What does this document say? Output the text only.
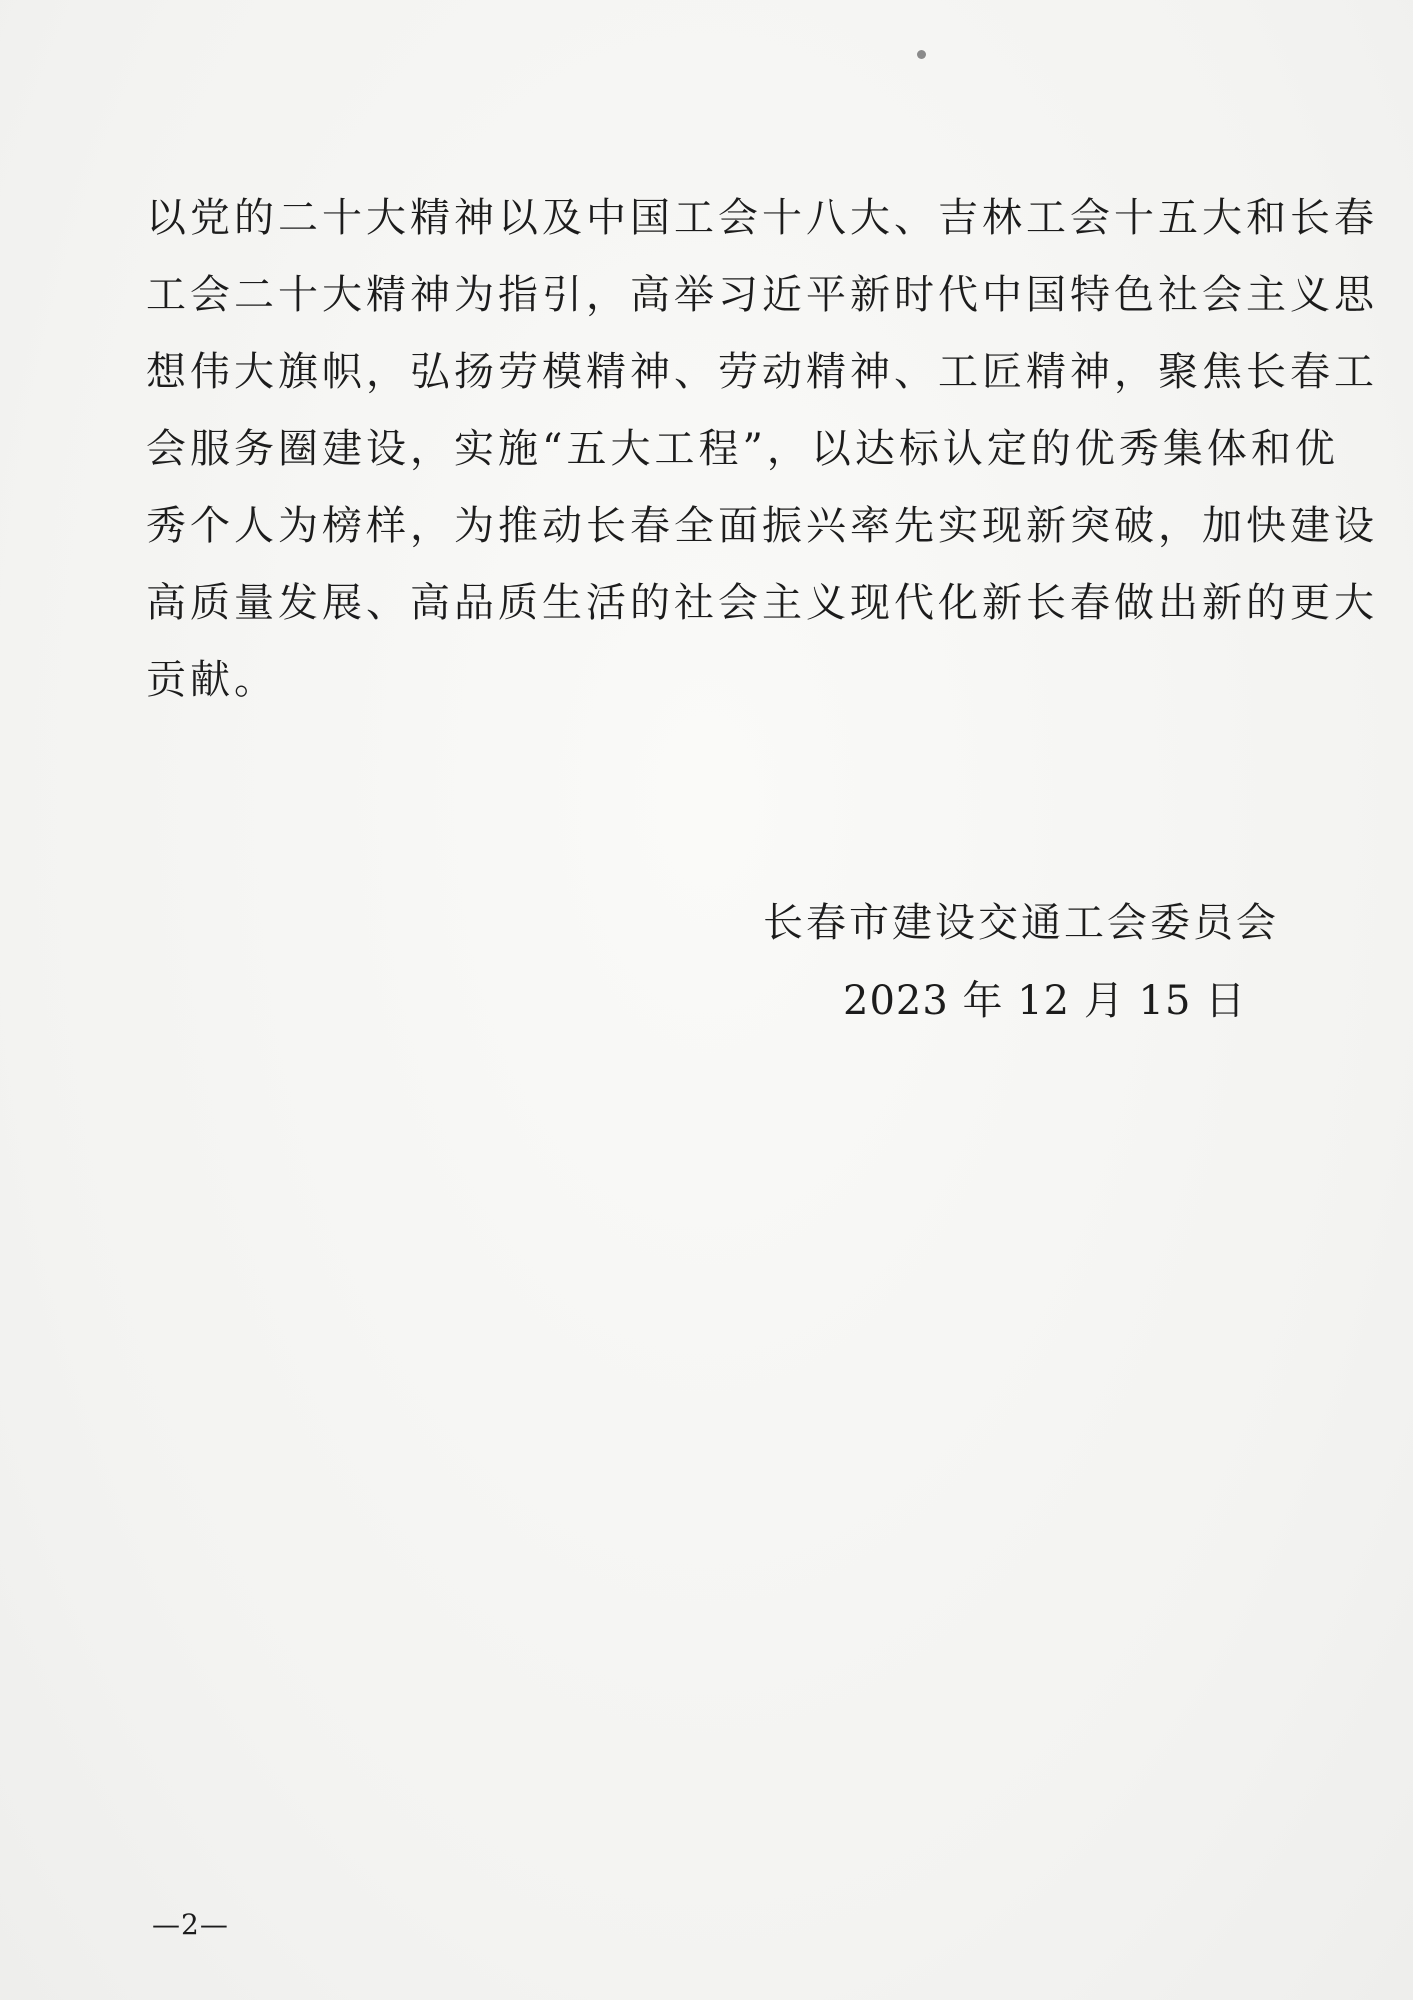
以党的二十大精神以及中国工会十八大、吉林工会十五大和长春
工会二十大精神为指引，高举习近平新时代中国特色社会主义思
想伟大旗帜，弘扬劳模精神、劳动精神、工匠精神，聚焦长春工
会服务圈建设，实施“五大工程”，以达标认定的优秀集体和优
秀个人为榜样，为推动长春全面振兴率先实现新突破，加快建设
高质量发展、高品质生活的社会主义现代化新长春做出新的更大
贡献。

长春市建设交通工会委员会
2023 年 12 月 15 日
—2—
